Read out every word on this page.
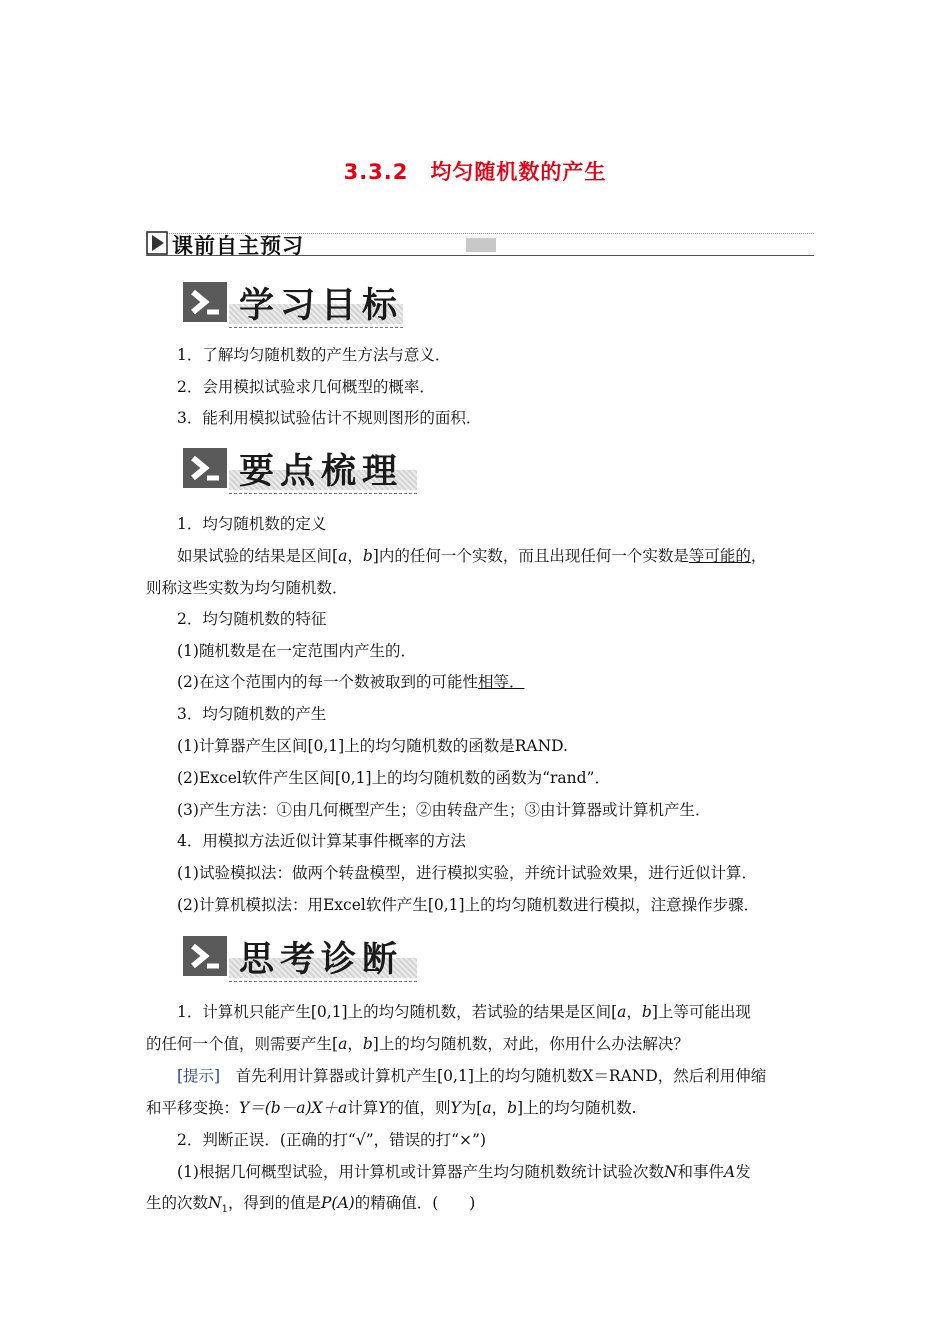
3.3.2 均匀随机数的产生
课前自主预习
学习目标
1．了解均匀随机数的产生方法与意义．
2．会用模拟试验求几何概型的概率．
3．能利用模拟试验估计不规则图形的面积．
要点梳理
1．均匀随机数的定义
如果试验的结果是区间[a，b]内的任何一个实数，而且出现任何一个实数是等可能的，
则称这些实数为均匀随机数．
2．均匀随机数的特征
(1)随机数是在一定范围内产生的．
(2)在这个范围内的每一个数被取到的可能性相等．
3．均匀随机数的产生
(1)计算器产生区间[0,1]上的均匀随机数的函数是RAND.
(2)Excel软件产生区间[0,1]上的均匀随机数的函数为“rand”．
(3)产生方法：①由几何概型产生；②由转盘产生；③由计算器或计算机产生．
4．用模拟方法近似计算某事件概率的方法
(1)试验模拟法：做两个转盘模型，进行模拟实验，并统计试验效果，进行近似计算．
(2)计算机模拟法：用Excel软件产生[0,1]上的均匀随机数进行模拟，注意操作步骤．
思考诊断
1．计算机只能产生[0,1]上的均匀随机数，若试验的结果是区间[a，b]上等可能出现
的任何一个值，则需要产生[a，b]上的均匀随机数，对此，你用什么办法解决？
[提示]　 首先利用计算器或计算机产生[0,1]上的均匀随机数X＝RAND，然后利用伸缩
和平移变换：Y＝(b－a)X＋a计算Y的值，则Y为[a，b]上的均匀随机数.
2．判断正误．(正确的打“√”，错误的打“×”)
(1)根据几何概型试验，用计算机或计算器产生均匀随机数统计试验次数N和事件A发
生的次数$N_1$，得到的值是P(A)的精确值．(　　)
